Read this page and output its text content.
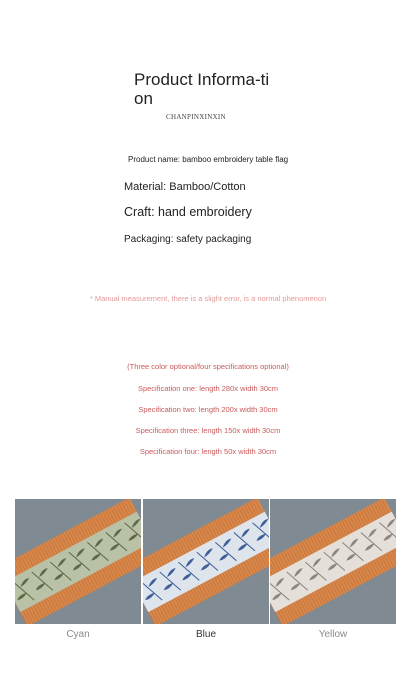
Product Informa-tion
CHANPINXINXIN
Product name: bamboo embroidery table flag
Material: Bamboo/Cotton
Craft: hand embroidery
Packaging: safety packaging
* Manual measurement, there is a slight error, is a normal phenomenon
(Three color optional/four specifications optional)
Specification one: length 280x width 30cm
Specification two: length 200x width 30cm
Specification three: length 150x width 30cm
Specification four: length 50x width 30cm
Cyan	Blue	Yellow
